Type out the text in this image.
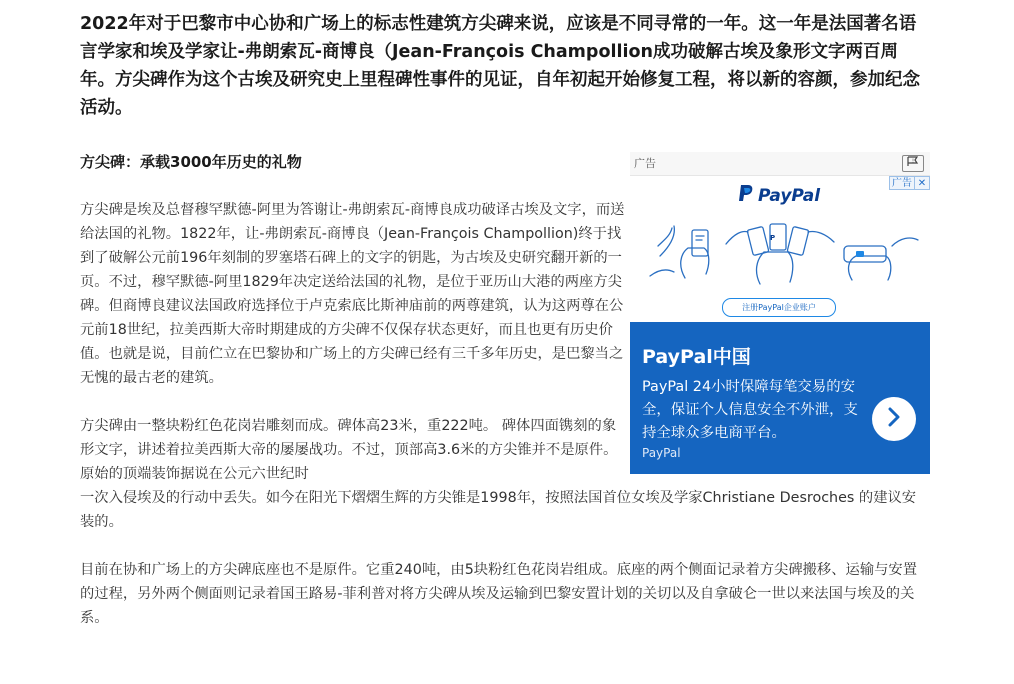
2022年对于巴黎市中心协和广场上的标志性建筑方尖碑来说，应该是不同寻常的一年。这一年是法国著名语言学家和埃及学家让-弗朗索瓦-商博良（Jean-François Champollion成功破解古埃及象形文字两百周年。方尖碑作为这个古埃及研究史上里程碑性事件的见证，自年初起开始修复工程，将以新的容颜，参加纪念活动。

方尖碑：承载3000年历史的礼物

方尖碑是埃及总督穆罕默德-阿里为答谢让-弗朗索瓦-商博良成功破译古埃及文字，而送给法国的礼物。1822年，让-弗朗索瓦-商博良（Jean-François Champollion)终于找到了破解公元前196年刻制的罗塞塔石碑上的文字的钥匙，为古埃及史研究翻开新的一页。不过，穆罕默德-阿里1829年决定送给法国的礼物，是位于亚历山大港的两座方尖碑。但商博良建议法国政府选择位于卢克索底比斯神庙前的两尊建筑，认为这两尊在公元前18世纪，拉美西斯大帝时期建成的方尖碑不仅保存状态更好，而且也更有历史价值。也就是说，目前伫立在巴黎协和广场上的方尖碑已经有三千多年历史，是巴黎当之无愧的最古老的建筑。

方尖碑由一整块粉红色花岗岩雕刻而成。碑体高23米，重222吨。 碑体四面镌刻的象形文字，讲述着拉美西斯大帝的屡屡战功。不过，顶部高3.6米的方尖锥并不是原件。原始的顶端装饰据说在公元六世纪时

一次入侵埃及的行动中丢失。如今在阳光下熠熠生辉的方尖锥是1998年，按照法国首位女埃及学家Christiane Desroches 的建议安装的。

目前在协和广场上的方尖碑底座也不是原件。它重240吨，由5块粉红色花岗岩组成。底座的两个侧面记录着方尖碑搬移、运输与安置的过程，另外两个侧面则记录着国王路易-菲利普对将方尖碑从埃及运输到巴黎安置计划的关切以及自拿破仑一世以来法国与埃及的关系。

广告	!
广告 ✕
PayPal
P
注册PayPal企业账户
PayPal中国
PayPal 24小时保障每笔交易的安全，保证个人信息安全不外泄，支持全球众多电商平台。
PayPal
